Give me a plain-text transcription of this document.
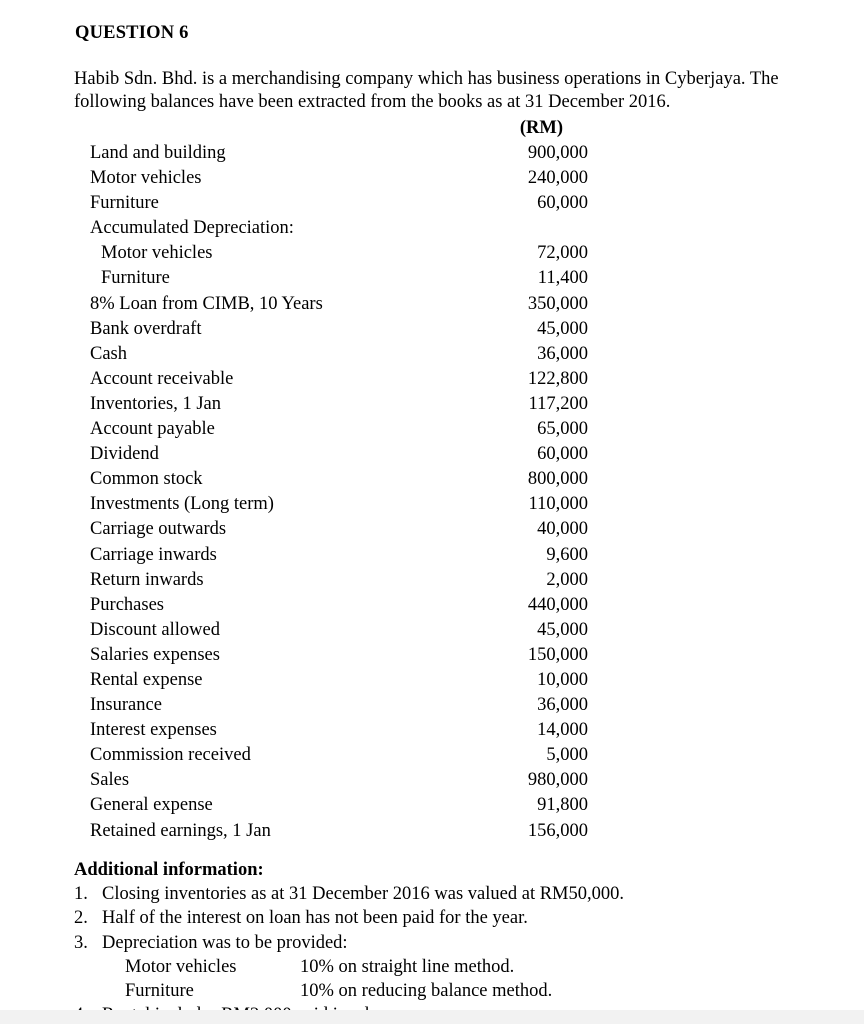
QUESTION 6
Habib Sdn. Bhd. is a merchandising company which has business operations in Cyberjaya. The following balances have been extracted from the books as at 31 December 2016.
(RM)
Land and building	900,000
Motor vehicles	240,000
Furniture	60,000
Accumulated Depreciation:
Motor vehicles	72,000
Furniture	11,400
8% Loan from CIMB, 10 Years	350,000
Bank overdraft	45,000
Cash	36,000
Account receivable	122,800
Inventories, 1 Jan	117,200
Account payable	65,000
Dividend	60,000
Common stock	800,000
Investments (Long term)	110,000
Carriage outwards	40,000
Carriage inwards	9,600
Return inwards	2,000
Purchases	440,000
Discount allowed	45,000
Salaries expenses	150,000
Rental expense	10,000
Insurance	36,000
Interest expenses	14,000
Commission received	5,000
Sales	980,000
General expense	91,800
Retained earnings, 1 Jan	156,000
Additional information:
1. Closing inventories as at 31 December 2016 was valued at RM50,000.
2. Half of the interest on loan has not been paid for the year.
3. Depreciation was to be provided:
Motor vehicles	10% on straight line method.
Furniture	10% on reducing balance method.
